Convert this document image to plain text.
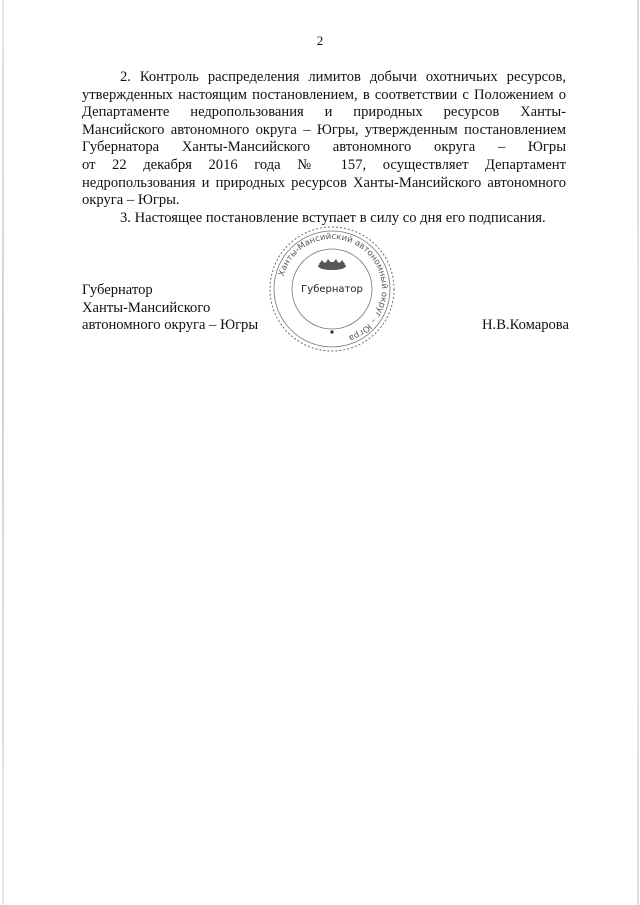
2

2. Контроль распределения лимитов добычи охотничьих ресурсов,
утвержденных настоящим постановлением, в соответствии с Положением о
Департаменте недропользования и природных ресурсов Ханты-
Мансийского автономного округа – Югры, утвержденным постановлением
Губернатора Ханты-Мансийского автономного округа – Югры
от 22 декабря 2016 года № 157, осуществляет Департамент
недропользования и природных ресурсов Ханты-Мансийского автономного
округа – Югры.

3. Настоящее постановление вступает в силу со дня его подписания.

Ханты-Мансийский автономный округ – Югра
Губернатор
Губернатор
Ханты-Мансийского
автономного округа – Югры	Н.В.Комарова
